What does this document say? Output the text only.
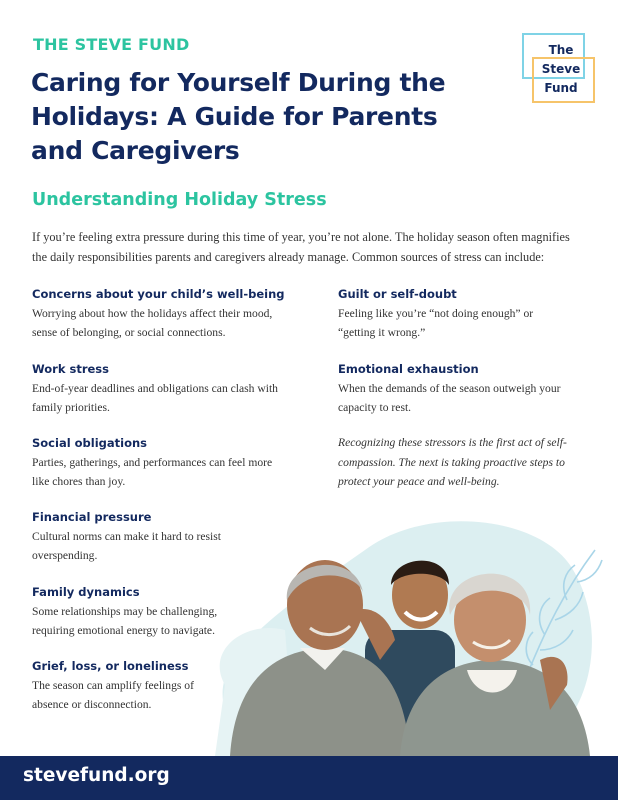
THE STEVE FUND	The
Steve
Fund
Caring for Yourself During the Holidays: A Guide for Parents and Caregivers
Understanding Holiday Stress

If you’re feeling extra pressure during this time of year, you’re not alone. The holiday season often magnifies the daily responsibilities parents and caregivers already manage. Common sources of stress can include:

Concerns about your child’s well-being

Worrying about how the holidays affect their mood, sense of belonging, or social connections.

Work stress

End-of-year deadlines and obligations can clash with family priorities.

Social obligations

Parties, gatherings, and performances can feel more like chores than joy.

Financial pressure

Cultural norms can make it hard to resist overspending.

Family dynamics

Some relationships may be challenging, requiring emotional energy to navigate.

Grief, loss, or loneliness

The season can amplify feelings of absence or disconnection.

Guilt or self-doubt

Feeling like you’re “not doing enough” or “getting it wrong.”

Emotional exhaustion

When the demands of the season outweigh your capacity to rest.

Recognizing these stressors is the first act of self-compassion. The next is taking proactive steps to protect your peace and well-being.

stevefund.org
